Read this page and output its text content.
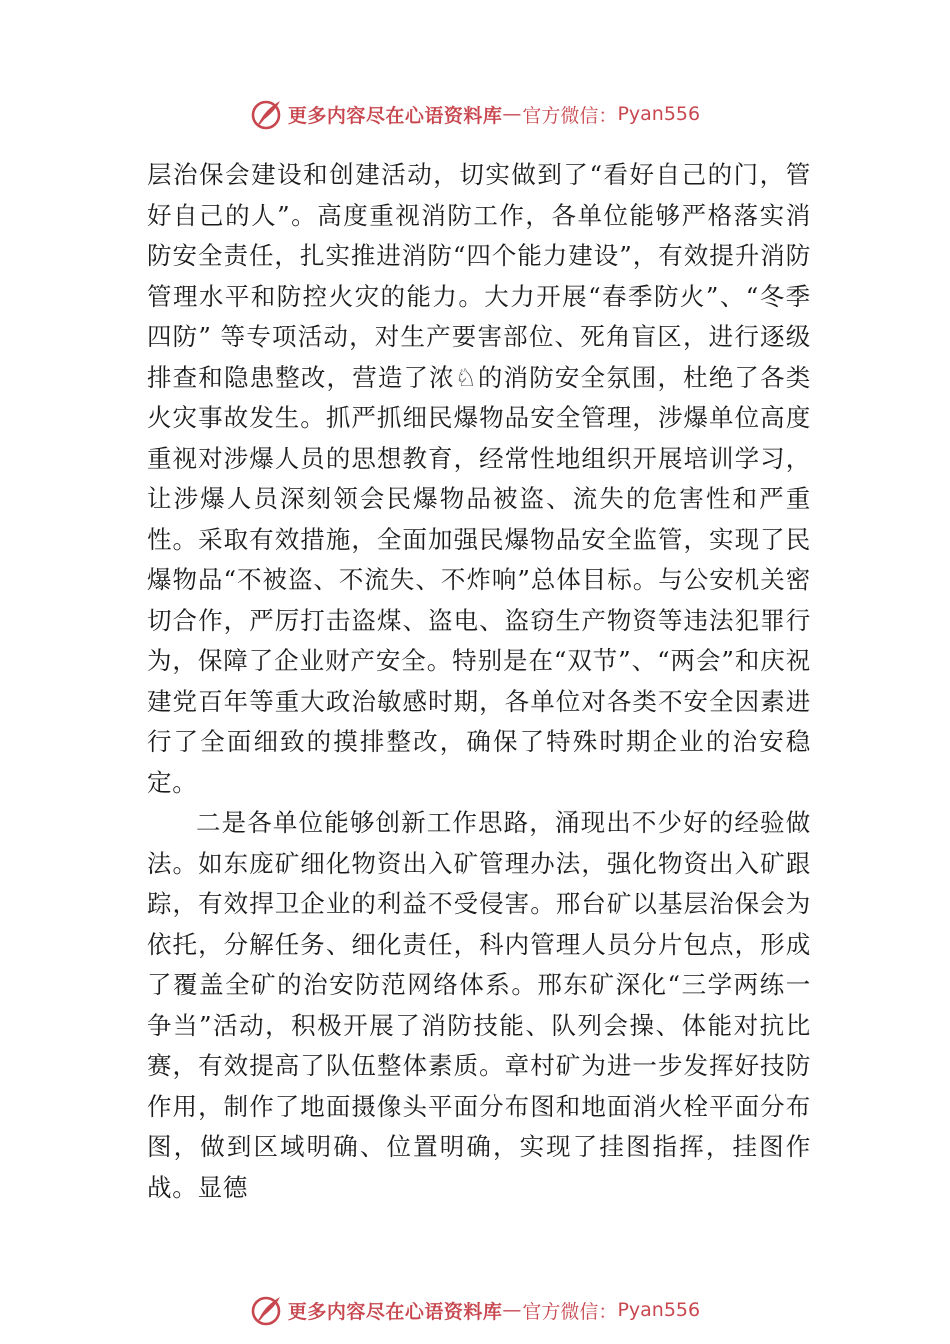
更多内容尽在心语资料库 — 官方微信： Pyan556

层治保会建设和创建活动，切实做到了“看好自己的门，管好自己的人”。高度重视消防工作，各单位能够严格落实消防安全责任，扎实推进消防“四个能力建设”，有效提升消防管理水平和防控火灾的能力。大力开展“春季防火”、“冬季四防” 等专项活动，对生产要害部位、死角盲区，进行逐级排查和隐患整改，营造了浓♘的消防安全氛围，杜绝了各类火灾事故发生。抓严抓细民爆物品安全管理，涉爆单位高度重视对涉爆人员的思想教育，经常性地组织开展培训学习，让涉爆人员深刻领会民爆物品被盗、流失的危害性和严重性。采取有效措施，全面加强民爆物品安全监管，实现了民爆物品“不被盗、不流失、不炸响”总体目标。与公安机关密切合作，严厉打击盗煤、盗电、盗窃生产物资等违法犯罪行为，保障了企业财产安全。特别是在“双节”、“两会”和庆祝建党百年等重大政治敏感时期，各单位对各类不安全因素进行了全面细致的摸排整改，确保了特殊时期企业的治安稳定。

二是各单位能够创新工作思路，涌现出不少好的经验做法。如东庞矿细化物资出入矿管理办法，强化物资出入矿跟踪，有效捍卫企业的利益不受侵害。邢台矿以基层治保会为依托，分解任务、细化责任，科内管理人员分片包点，形成了覆盖全矿的治安防范网络体系。邢东矿深化“三学两练一争当”活动，积极开展了消防技能、队列会操、体能对抗比赛，有效提高了队伍整体素质。章村矿为进一步发挥好技防作用，制作了地面摄像头平面分布图和地面消火栓平面分布图，做到区域明确、位置明确，实现了挂图指挥，挂图作战。显德

更多内容尽在心语资料库 — 官方微信： Pyan556
